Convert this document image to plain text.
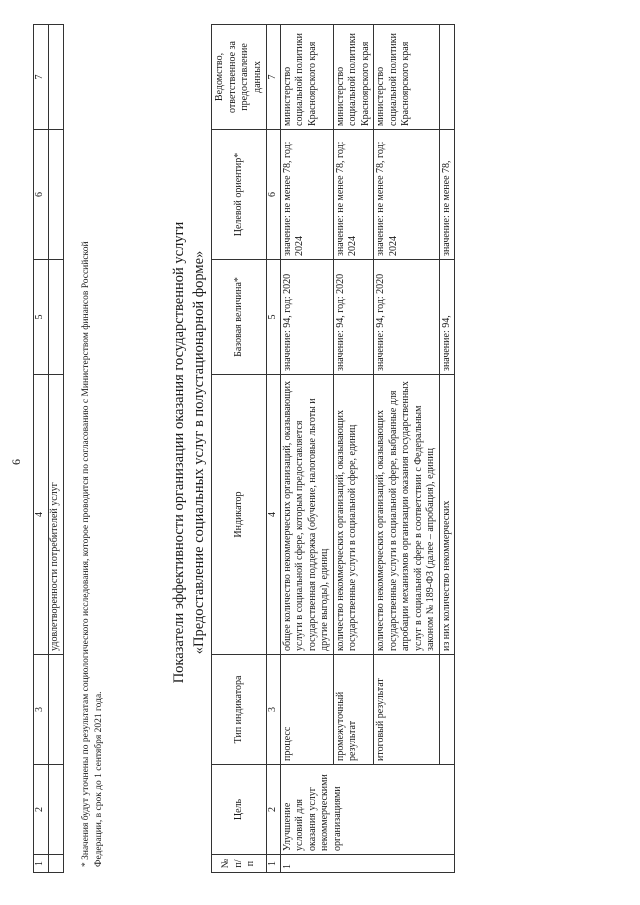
6
1	2	3	4	5	6	7
			удовлетворенности потребителей услуг			* Значения будут уточнены по результатам социологического исследования, которое проводится по согласованию с Министерством финансов Российской Федерации, в срок до 1 сентября 2021 года.
Показатели эффективности организации оказания государственной услуги «Предоставление социальных услуг в полустационарной форме»
№ п/п	Цель	Тип индикатора	Индикатор	Базовая величина*	Целевой ориентир*	Ведомство, ответственное за предоставление данных
1	2	3	4	5	6	7
1	Улучшение условий для оказания услуг некоммерческими организациями	процесс	общее количество некоммерческих организаций, оказывающих услуги в социальной сфере, которым предоставляется государственная поддержка (обучение, налоговые льготы и другие выгоды), единиц	значение: 94, год: 2020	значение: не менее 78, год: 2024	министерство социальной политики Красноярского края
		промежуточный результат	количество некоммерческих организаций, оказывающих государственные услуги в социальной сфере, единиц	значение: 94, год: 2020	значение: не менее 78, год: 2024	министерство социальной политики Красноярского края
		итоговый результат	количество некоммерческих организаций, оказывающих государственные услуги в социальной сфере, выбранные для апробации механизмов организации оказания государственных услуг в социальной сфере в соответствии с Федеральным законом № 189-ФЗ (далее – апробация), единиц	значение: 94, год: 2020	значение: не менее 78, год: 2024	министерство социальной политики Красноярского края
			из них количество некоммерческих	значение: 94,	значение: не менее 78,	
